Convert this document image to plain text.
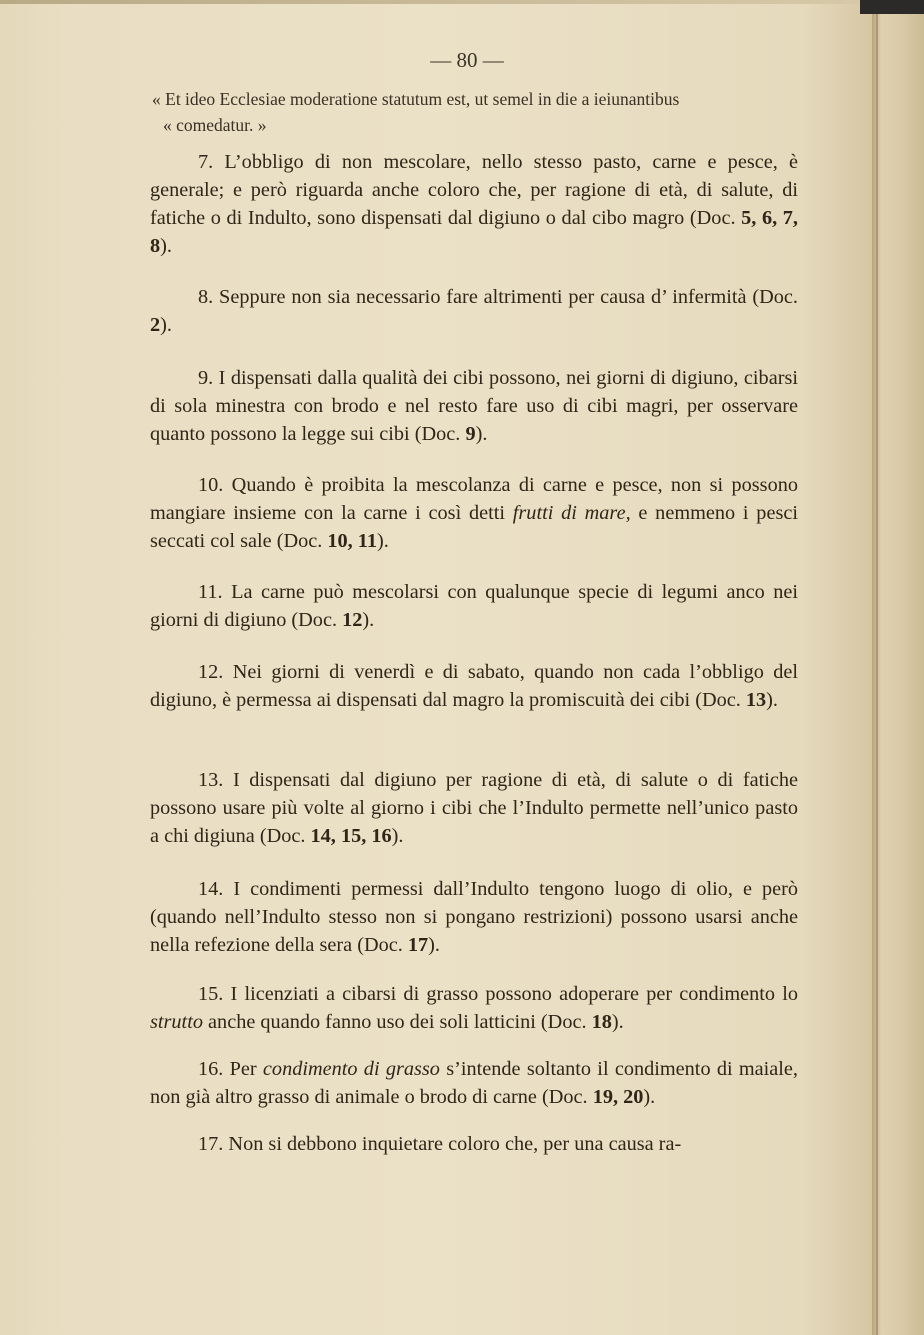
— 80 —
« Et ideo Ecclesiae moderatione statutum est, ut semel in die a ieiunantibus
« comedatur. »

7. L’obbligo di non mescolare, nello stesso pasto, carne e pesce, è generale; e però riguarda anche coloro che, per ragione di età, di salute, di fatiche o di Indulto, sono dispensati dal digiuno o dal cibo magro (Doc. 5, 6, 7, 8).

8. Seppure non sia necessario fare altrimenti per causa d’ infermità (Doc. 2).

9. I dispensati dalla qualità dei cibi possono, nei giorni di digiuno, cibarsi di sola minestra con brodo e nel resto fare uso di cibi magri, per osservare quanto possono la legge sui cibi (Doc. 9).

10. Quando è proibita la mescolanza di carne e pesce, non si possono mangiare insieme con la carne i così detti frutti di mare, e nemmeno i pesci seccati col sale (Doc. 10, 11).

11. La carne può mescolarsi con qualunque specie di legumi anco nei giorni di digiuno (Doc. 12).

12. Nei giorni di venerdì e di sabato, quando non cada l’obbligo del digiuno, è permessa ai dispensati dal magro la promiscuità dei cibi (Doc. 13).

13. I dispensati dal digiuno per ragione di età, di salute o di fatiche possono usare più volte al giorno i cibi che l’Indulto permette nell’unico pasto a chi digiuna (Doc. 14, 15, 16).

14. I condimenti permessi dall’Indulto tengono luogo di olio, e però (quando nell’Indulto stesso non si pongano restrizioni) possono usarsi anche nella refezione della sera (Doc. 17).

15. I licenziati a cibarsi di grasso possono adoperare per condimento lo strutto anche quando fanno uso dei soli latticini (Doc. 18).

16. Per condimento di grasso s’intende soltanto il condimento di maiale, non già altro grasso di animale o brodo di carne (Doc. 19, 20).

17. Non si debbono inquietare coloro che, per una causa ra-
